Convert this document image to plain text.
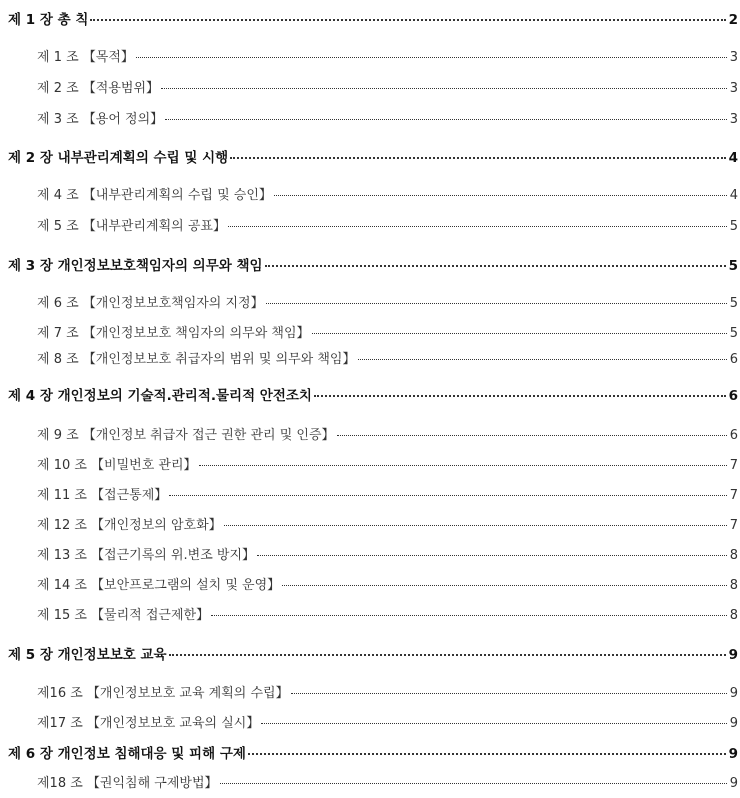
제 1 장 총 칙	2
제 1 조 【목적】	3
제 2 조 【적용범위】	3
제 3 조 【용어 정의】	3
제 2 장 내부관리계획의 수립 및 시행	4
제 4 조 【내부관리계획의 수립 및 승인】	4
제 5 조 【내부관리계획의 공표】	5
제 3 장 개인정보보호책임자의 의무와 책임	5
제 6 조 【개인정보보호책임자의 지정】	5
제 7 조 【개인정보보호 책임자의 의무와 책임】	5
제 8 조 【개인정보보호 취급자의 범위 및 의무와 책임】	6
제 4 장 개인정보의 기술적.관리적.물리적 안전조치	6
제 9 조 【개인정보 취급자 접근 권한 관리 및 인증】	6
제 10 조 【비밀번호 관리】	7
제 11 조 【접근통제】	7
제 12 조 【개인정보의 암호화】	7
제 13 조 【접근기록의 위.변조 방지】	8
제 14 조 【보안프로그램의 설치 및 운영】	8
제 15 조 【물리적 접근제한】	8
제 5 장 개인정보보호 교육	9
제16 조 【개인정보보호 교육 계획의 수립】	9
제17 조 【개인정보보호 교육의 실시】	9
제 6 장 개인정보 침해대응 및 피해 구제	9
제18 조 【권익침해 구제방법】	9
